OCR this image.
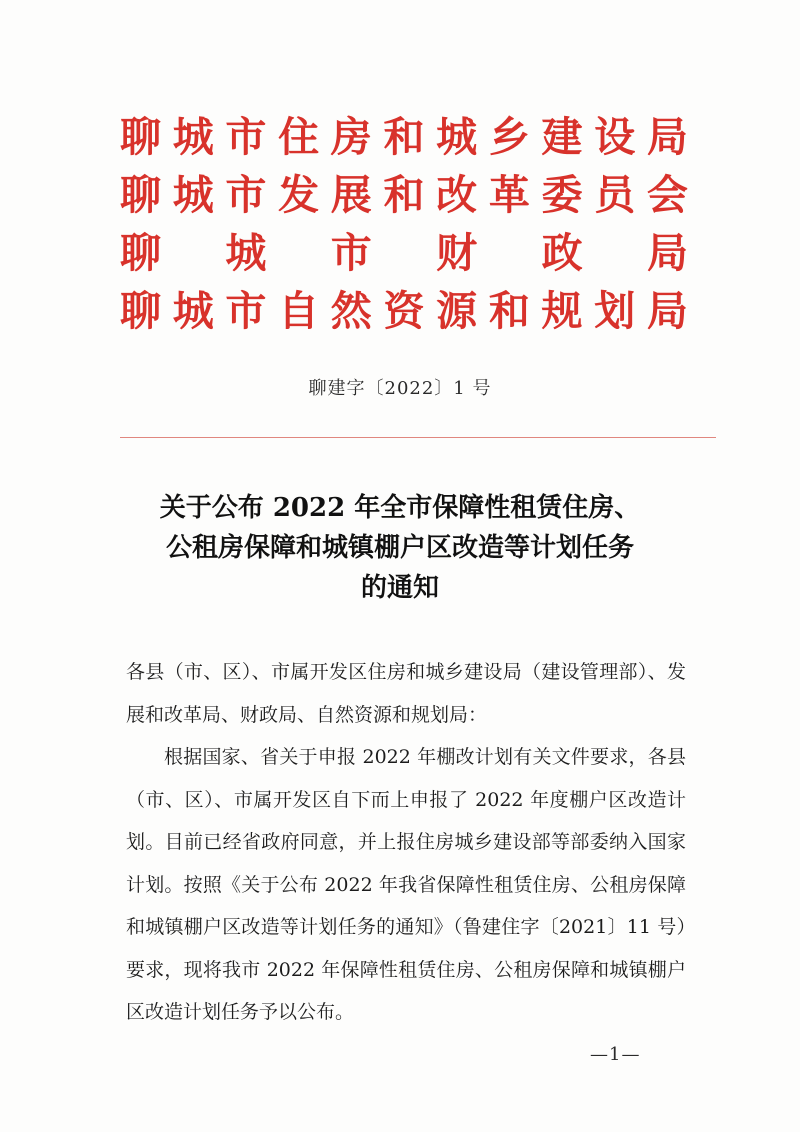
聊 城 市 住 房 和 城 乡 建 设 局
聊 城 市 发 展 和 改 革 委 员 会
聊 城 市 财 政 局
聊 城 市 自 然 资 源 和 规 划 局
聊建字〔2022〕1 号
关于公布 2022 年全市保障性租赁住房、
公租房保障和城镇棚户区改造等计划任务
的通知

各县（市、区）、市属开发区住房和城乡建设局（建设管理部）、发展和改革局、财政局、自然资源和规划局：

根据国家、省关于申报 2022 年棚改计划有关文件要求，各县（市、区）、市属开发区自下而上申报了 2022 年度棚户区改造计划。目前已经省政府同意，并上报住房城乡建设部等部委纳入国家计划。按照《关于公布 2022 年我省保障性租赁住房、公租房保障和城镇棚户区改造等计划任务的通知》（鲁建住字〔2021〕11 号）要求，现将我市 2022 年保障性租赁住房、公租房保障和城镇棚户区改造计划任务予以公布。

—1—
